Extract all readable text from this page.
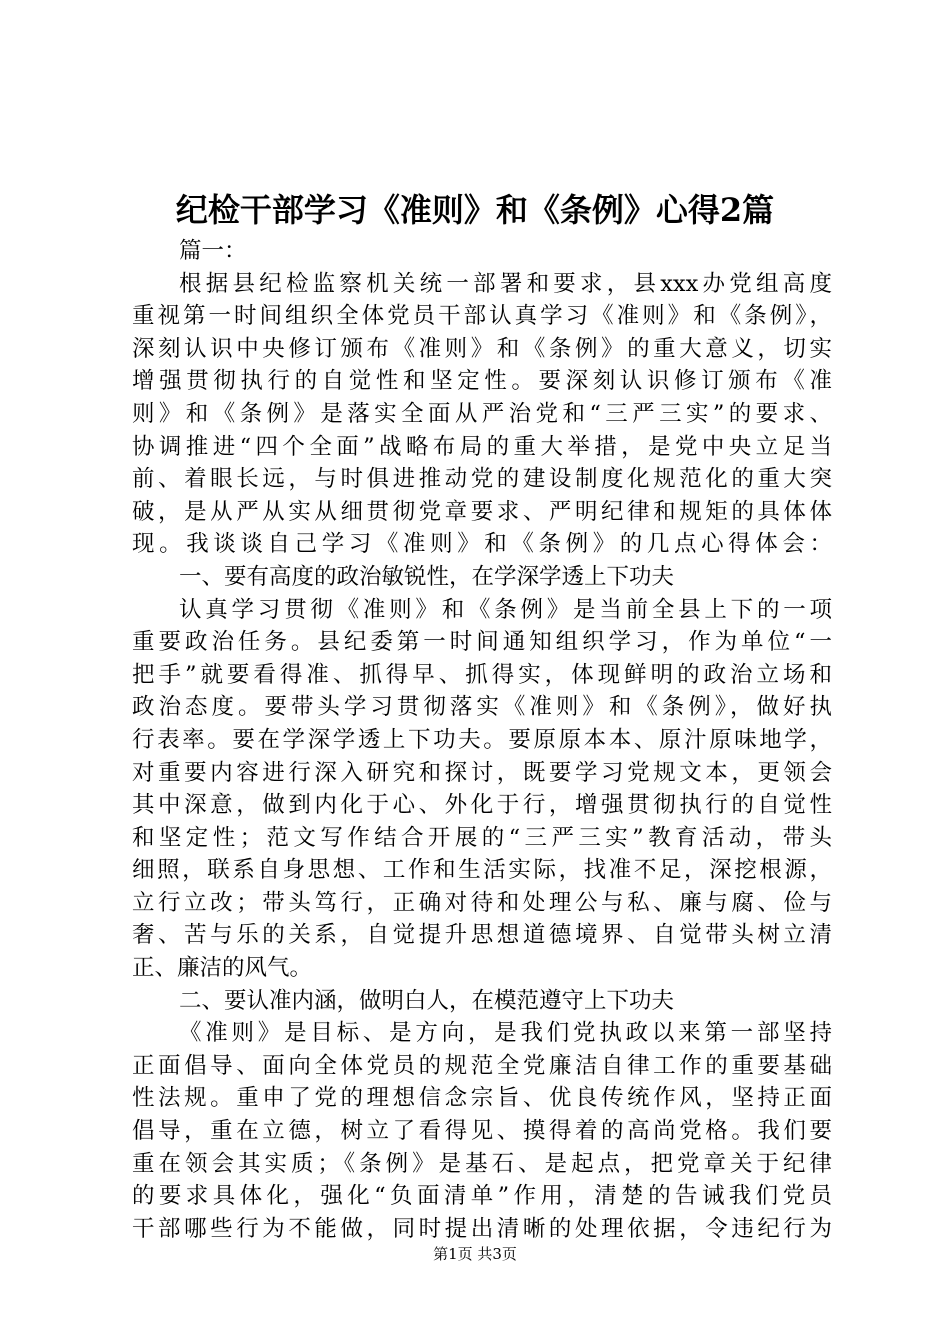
纪检干部学习《准则》和《条例》心得2篇
篇一：
根据县纪检监察机关统一部署和要求，县xxx办党组高度
重视第一时间组织全体党员干部认真学习《准则》和《条例》，
深刻认识中央修订颁布《准则》和《条例》的重大意义，切实
增强贯彻执行的自觉性和坚定性。要深刻认识修订颁布《准
则》和《条例》是落实全面从严治党和“三严三实”的要求、
协调推进“四个全面”战略布局的重大举措，是党中央立足当
前、着眼长远，与时俱进推动党的建设制度化规范化的重大突
破，是从严从实从细贯彻党章要求、严明纪律和规矩的具体体
现。我谈谈自己学习《准则》和《条例》的几点心得体会：
一、要有高度的政治敏锐性，在学深学透上下功夫
认真学习贯彻《准则》和《条例》是当前全县上下的一项
重要政治任务。县纪委第一时间通知组织学习，作为单位“一
把手”就要看得准、抓得早、抓得实，体现鲜明的政治立场和
政治态度。要带头学习贯彻落实《准则》和《条例》，做好执
行表率。要在学深学透上下功夫。要原原本本、原汁原味地学，
对重要内容进行深入研究和探讨，既要学习党规文本，更领会
其中深意，做到内化于心、外化于行，增强贯彻执行的自觉性
和坚定性；范文写作结合开展的“三严三实”教育活动，带头
细照，联系自身思想、工作和生活实际，找准不足，深挖根源，
立行立改；带头笃行，正确对待和处理公与私、廉与腐、俭与
奢、苦与乐的关系，自觉提升思想道德境界、自觉带头树立清
正、廉洁的风气。
二、要认准内涵，做明白人，在模范遵守上下功夫
《准则》是目标、是方向，是我们党执政以来第一部坚持
正面倡导、面向全体党员的规范全党廉洁自律工作的重要基础
性法规。重申了党的理想信念宗旨、优良传统作风，坚持正面
倡导，重在立德，树立了看得见、摸得着的高尚党格。我们要
重在领会其实质；《条例》是基石、是起点，把党章关于纪律
的要求具体化，强化“负面清单”作用，清楚的告诫我们党员
干部哪些行为不能做，同时提出清晰的处理依据，令违纪行为
第1页 共3页
